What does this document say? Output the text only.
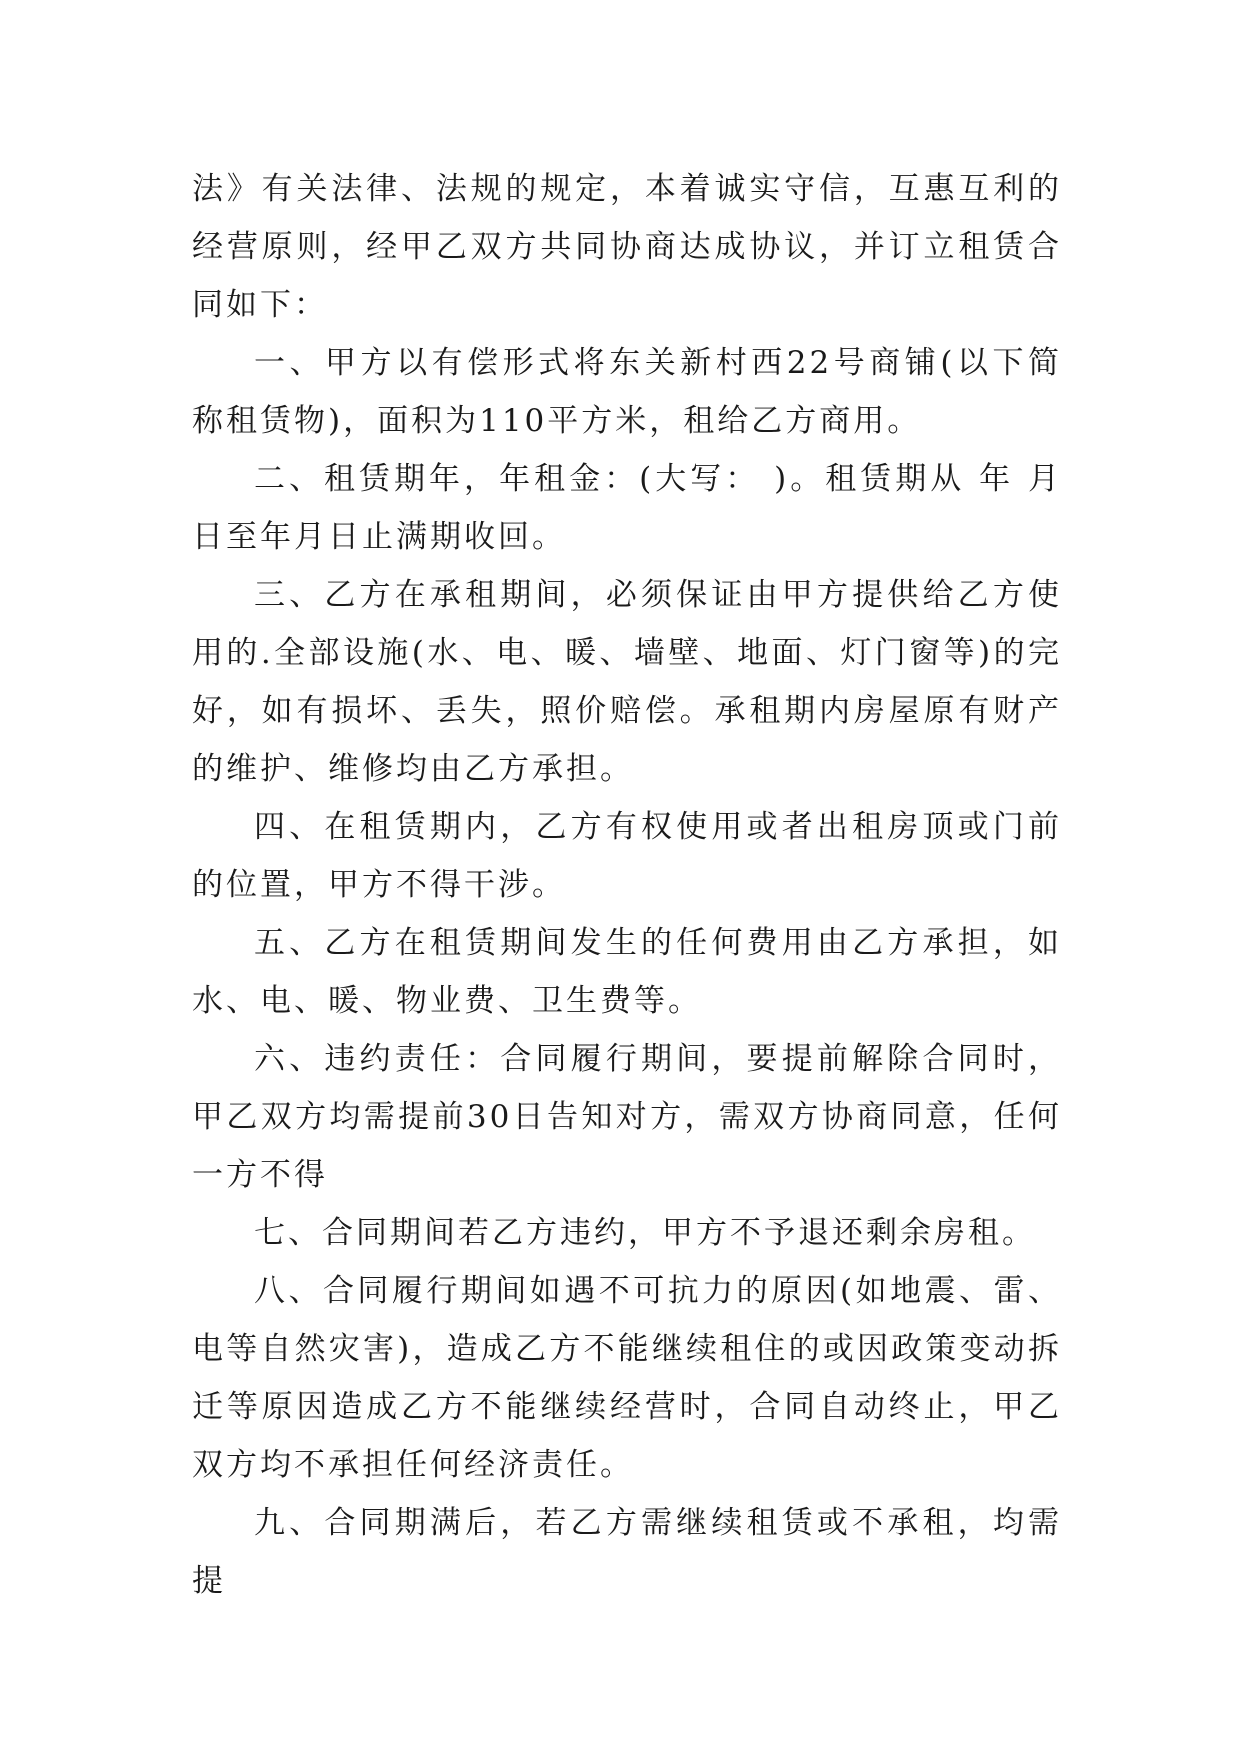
法》有关法律、法规的规定，本着诚实守信，互惠互利的经营原则，经甲乙双方共同协商达成协议，并订立租赁合同如下：

一、甲方以有偿形式将东关新村西22号商铺(以下简称租赁物)，面积为110平方米，租给乙方商用。

二、租赁期年，年租金：(大写： )。租赁期从 年 月日至年月日止满期收回。

三、乙方在承租期间，必须保证由甲方提供给乙方使用的.全部设施(水、电、暖、墙壁、地面、灯门窗等)的完好，如有损坏、丢失，照价赔偿。承租期内房屋原有财产的维护、维修均由乙方承担。

四、在租赁期内，乙方有权使用或者出租房顶或门前的位置，甲方不得干涉。

五、乙方在租赁期间发生的任何费用由乙方承担，如水、电、暖、物业费、卫生费等。

六、违约责任：合同履行期间，要提前解除合同时，甲乙双方均需提前30日告知对方，需双方协商同意，任何一方不得

七、合同期间若乙方违约，甲方不予退还剩余房租。

八、合同履行期间如遇不可抗力的原因(如地震、雷、电等自然灾害)，造成乙方不能继续租住的或因政策变动拆迁等原因造成乙方不能继续经营时，合同自动终止，甲乙双方均不承担任何经济责任。

九、合同期满后，若乙方需继续租赁或不承租，均需提
